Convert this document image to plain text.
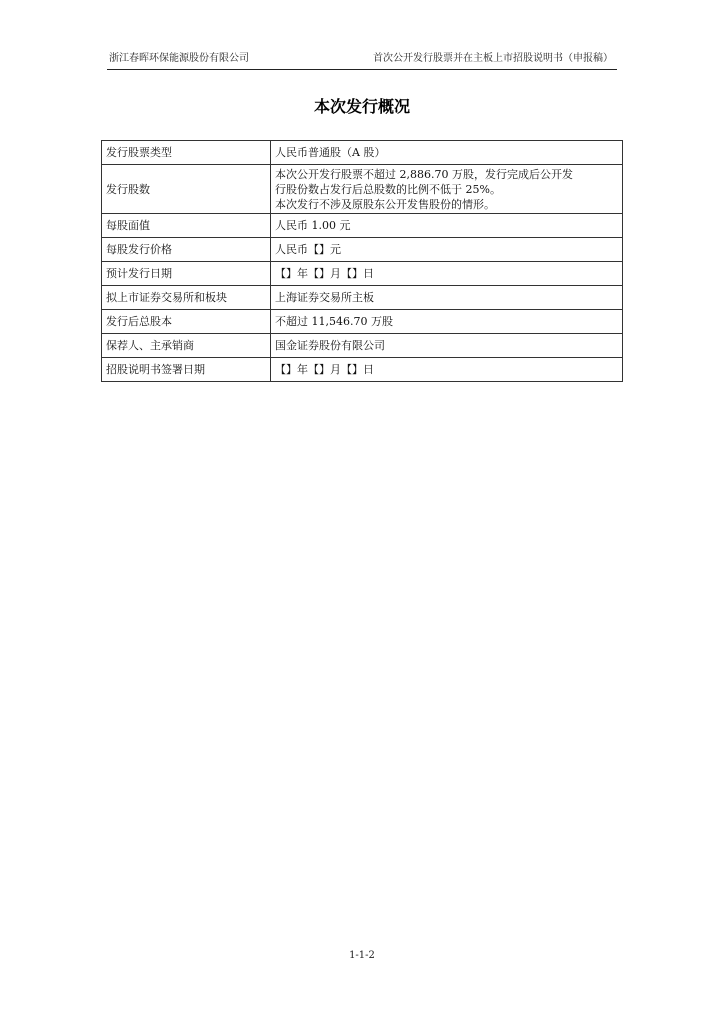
浙江春晖环保能源股份有限公司	首次公开发行股票并在主板上市招股说明书（申报稿）
本次发行概况
发行股票类型	人民币普通股（A 股）
发行股数	本次公开发行股票不超过 2,886.70 万股，发行完成后公开发
行股份数占发行后总股数的比例不低于 25%。
本次发行不涉及原股东公开发售股份的情形。

每股面值	人民币 1.00 元
每股发行价格	人民币【】元
预计发行日期	【】年【】月【】日
拟上市证券交易所和板块	上海证券交易所主板
发行后总股本	不超过 11,546.70 万股
保荐人、主承销商	国金证券股份有限公司
招股说明书签署日期	【】年【】月【】日
1-1-2
